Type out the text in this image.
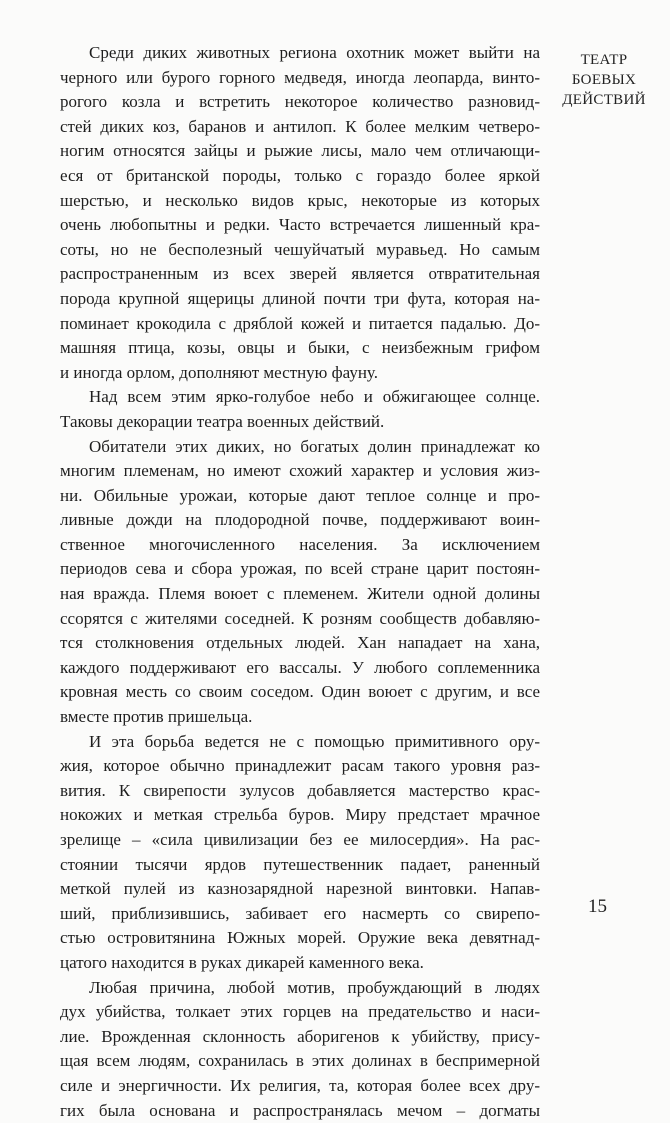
Среди диких животных региона охотник может выйти на
черного или бурого горного медведя, иногда леопарда, винто-
рогого козла и встретить некоторое количество разновид-
стей диких коз, баранов и антилоп. К более мелким четверо-
ногим относятся зайцы и рыжие лисы, мало чем отличающи-
еся от британской породы, только с гораздо более яркой
шерстью, и несколько видов крыс, некоторые из которых
очень любопытны и редки. Часто встречается лишенный кра-
соты, но не бесполезный чешуйчатый муравьед. Но самым
распространенным из всех зверей является отвратительная
порода крупной ящерицы длиной почти три фута, которая на-
поминает крокодила с дряблой кожей и питается падалью. До-
машняя птица, козы, овцы и быки, с неизбежным грифом
и иногда орлом, дополняют местную фауну.
Над всем этим ярко-голубое небо и обжигающее солнце.
Таковы декорации театра военных действий.
Обитатели этих диких, но богатых долин принадлежат ко
многим племенам, но имеют схожий характер и условия жиз-
ни. Обильные урожаи, которые дают теплое солнце и про-
ливные дожди на плодородной почве, поддерживают воин-
ственное многочисленного населения. За исключением
периодов сева и сбора урожая, по всей стране царит постоян-
ная вражда. Племя воюет с племенем. Жители одной долины
ссорятся с жителями соседней. К розням сообществ добавляю-
тся столкновения отдельных людей. Хан нападает на хана,
каждого поддерживают его вассалы. У любого соплеменника
кровная месть со своим соседом. Один воюет с другим, и все
вместе против пришельца.
И эта борьба ведется не с помощью примитивного ору-
жия, которое обычно принадлежит расам такого уровня раз-
вития. К свирепости зулусов добавляется мастерство крас-
нокожих и меткая стрельба буров. Миру предстает мрачное
зрелище – «сила цивилизации без ее милосердия». На рас-
стоянии тысячи ярдов путешественник падает, раненный
меткой пулей из казнозарядной нарезной винтовки. Напав-
ший, приблизившись, забивает его насмерть со свирепо-
стью островитянина Южных морей. Оружие века девятнад-
цатого находится в руках дикарей каменного века.
Любая причина, любой мотив, пробуждающий в людях
дух убийства, толкает этих горцев на предательство и наси-
лие. Врожденная склонность аборигенов к убийству, прису-
щая всем людям, сохранилась в этих долинах в беспримерной
силе и энергичности. Их религия, та, которая более всех дру-
гих была основана и распространялась мечом – догматы
ТЕАТР
БОЕВЫХ
ДЕЙСТВИЙ
15
